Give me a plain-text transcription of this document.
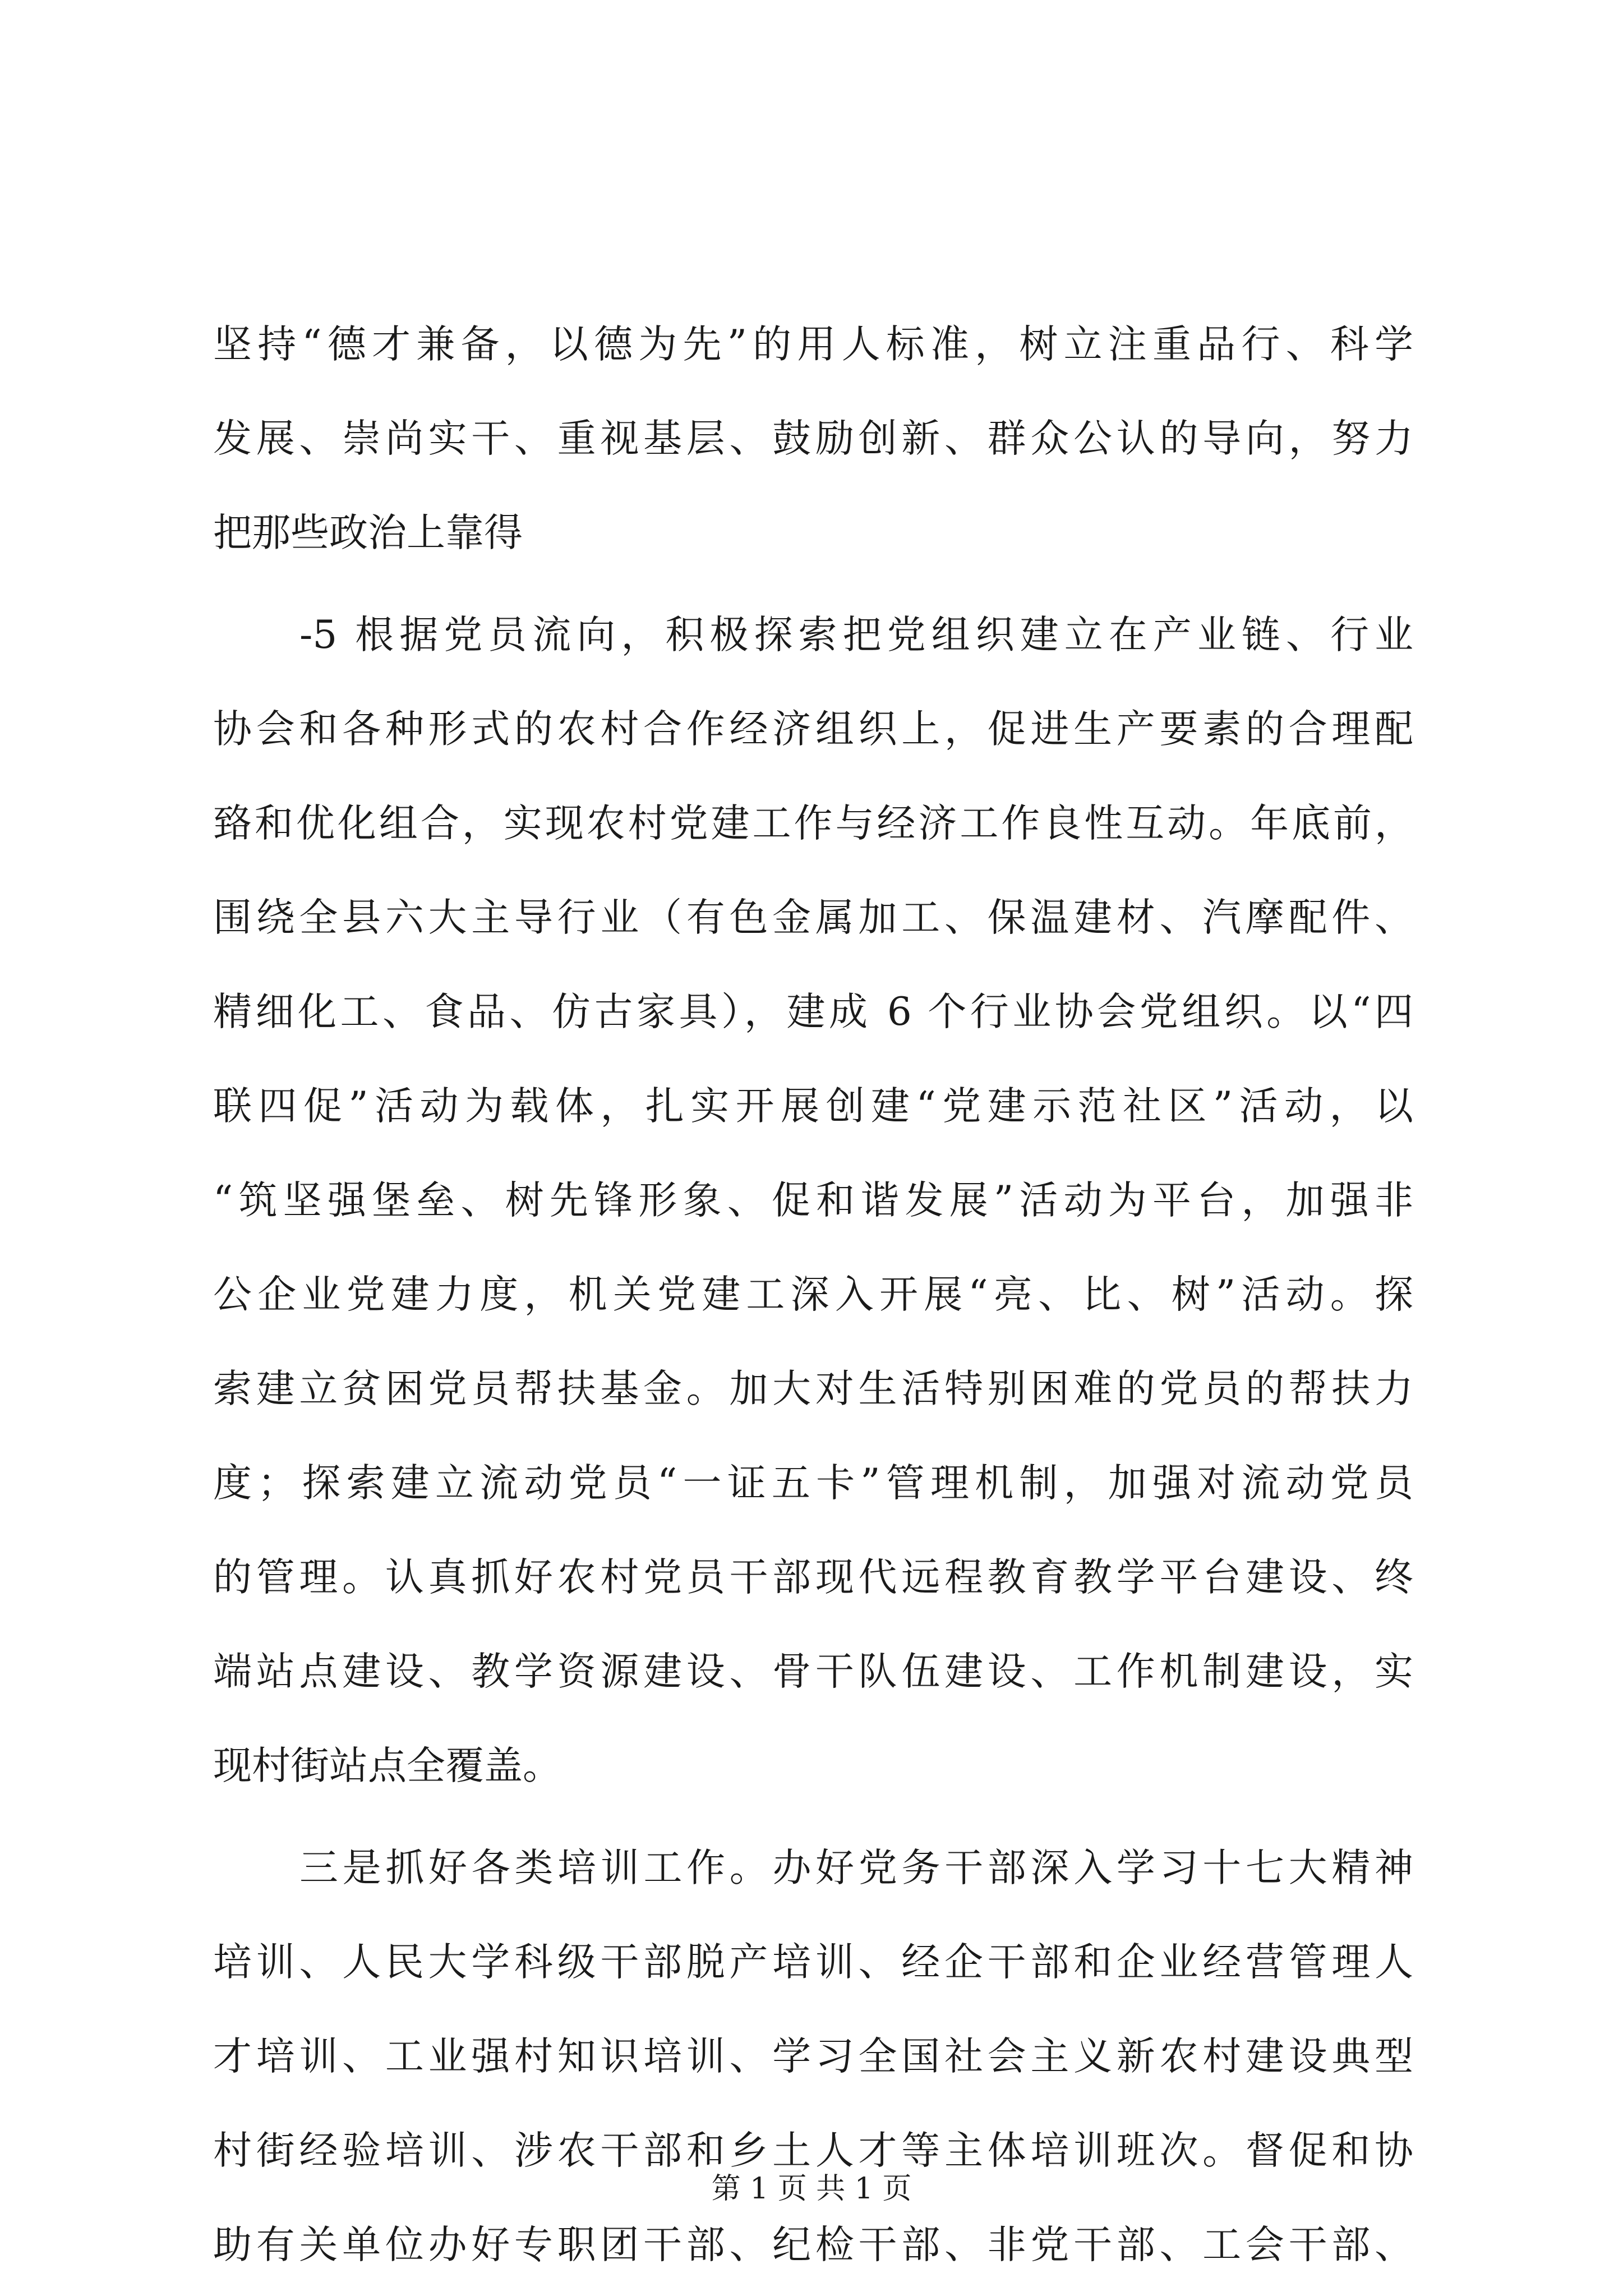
坚持“德才兼备，以德为先”的用人标准，树立注重品行、科学
发展、崇尚实干、重视基层、鼓励创新、群众公认的导向，努力
把那些政治上靠得
-5 根据党员流向，积极探索把党组织建立在产业链、行业
协会和各种形式的农村合作经济组织上，促进生产要素的合理配
臵和优化组合，实现农村党建工作与经济工作良性互动。年底前，
围绕全县六大主导行业（有色金属加工、保温建材、汽摩配件、
精细化工、食品、仿古家具），建成 6 个行业协会党组织。以“四
联四促”活动为载体，扎实开展创建“党建示范社区”活动，以
“筑坚强堡垒、树先锋形象、促和谐发展”活动为平台，加强非
公企业党建力度，机关党建工深入开展“亮、比、树”活动。探
索建立贫困党员帮扶基金。加大对生活特别困难的党员的帮扶力
度；探索建立流动党员“一证五卡”管理机制，加强对流动党员
的管理。认真抓好农村党员干部现代远程教育教学平台建设、终
端站点建设、教学资源建设、骨干队伍建设、工作机制建设，实
现村街站点全覆盖。
三是抓好各类培训工作。办好党务干部深入学习十七大精神
培训、人民大学科级干部脱产培训、经企干部和企业经营管理人
才培训、工业强村知识培训、学习全国社会主义新农村建设典型
村街经验培训、涉农干部和乡土人才等主体培训班次。督促和协
助有关单位办好专职团干部、纪检干部、非党干部、工会干部、
第 1 页 共 1 页
